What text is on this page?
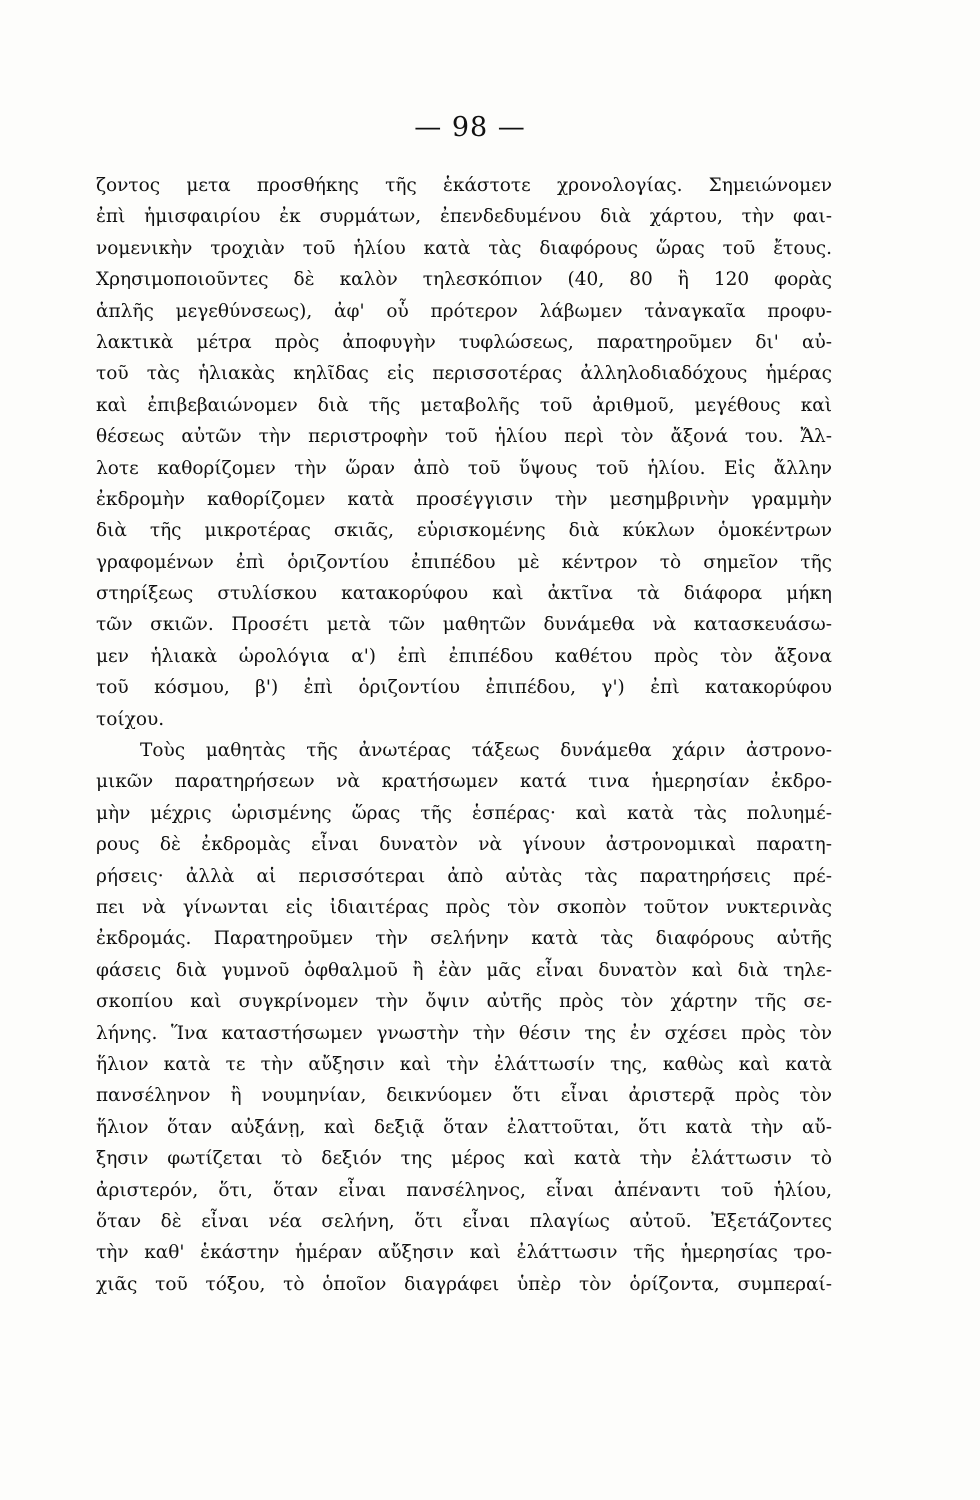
— 98 —
ζοντος μετα προσθήκης τῆς ἑκάστοτε χρονολογίας. Σημειώνομεν
ἐπὶ ἡμισφαιρίου ἐκ συρμάτων, ἐπενδεδυμένου διὰ χάρτου, τὴν φαι-
νομενικὴν τροχιὰν τοῦ ἡλίου κατὰ τὰς διαφόρους ὥρας τοῦ ἔτους.
Χρησιμοποιοῦντες δὲ καλὸν τηλεσκόπιον (40, 80 ἢ 120 φορὰς
ἁπλῆς μεγεθύνσεως), ἀφ' οὗ πρότερον λάβωμεν τἀναγκαῖα προφυ-
λακτικὰ μέτρα πρὸς ἀποφυγὴν τυφλώσεως, παρατηροῦμεν δι' αὐ-
τοῦ τὰς ἡλιακὰς κηλῖδας εἰς περισσοτέρας ἀλληλοδιαδόχους ἡμέρας
καὶ ἐπιβεβαιώνομεν διὰ τῆς μεταβολῆς τοῦ ἀριθμοῦ, μεγέθους καὶ
θέσεως αὐτῶν τὴν περιστροφὴν τοῦ ἡλίου περὶ τὸν ἄξονά του. Ἄλ-
λοτε καθορίζομεν τὴν ὥραν ἀπὸ τοῦ ὕψους τοῦ ἡλίου. Εἰς ἄλλην
ἐκδρομὴν καθορίζομεν κατὰ προσέγγισιν τὴν μεσημβρινὴν γραμμὴν
διὰ τῆς μικροτέρας σκιᾶς, εὑρισκομένης διὰ κύκλων ὁμοκέντρων
γραφομένων ἐπὶ ὁριζοντίου ἐπιπέδου μὲ κέντρον τὸ σημεῖον τῆς
στηρίξεως στυλίσκου κατακορύφου καὶ ἀκτῖνα τὰ διάφορα μήκη
τῶν σκιῶν. Προσέτι μετὰ τῶν μαθητῶν δυνάμεθα νὰ κατασκευάσω-
μεν ἡλιακὰ ὡρολόγια α') ἐπὶ ἐπιπέδου καθέτου πρὸς τὸν ἄξονα
τοῦ κόσμου, β') ἐπὶ ὁριζοντίου ἐπιπέδου, γ') ἐπὶ κατακορύφου
τοίχου.
Τοὺς μαθητὰς τῆς ἀνωτέρας τάξεως δυνάμεθα χάριν ἀστρονο-
μικῶν παρατηρήσεων νὰ κρατήσωμεν κατά τινα ἡμερησίαν ἐκδρο-
μὴν μέχρις ὡρισμένης ὥρας τῆς ἑσπέρας· καὶ κατὰ τὰς πολυημέ-
ρους δὲ ἐκδρομὰς εἶναι δυνατὸν νὰ γίνουν ἀστρονομικαὶ παρατη-
ρήσεις· ἀλλὰ αἱ περισσότεραι ἀπὸ αὐτὰς τὰς παρατηρήσεις πρέ-
πει νὰ γίνωνται εἰς ἰδιαιτέρας πρὸς τὸν σκοπὸν τοῦτον νυκτερινὰς
ἐκδρομάς. Παρατηροῦμεν τὴν σελήνην κατὰ τὰς διαφόρους αὐτῆς
φάσεις διὰ γυμνοῦ ὀφθαλμοῦ ἢ ἐὰν μᾶς εἶναι δυνατὸν καὶ διὰ τηλε-
σκοπίου καὶ συγκρίνομεν τὴν ὄψιν αὐτῆς πρὸς τὸν χάρτην τῆς σε-
λήνης. Ἵνα καταστήσωμεν γνωστὴν τὴν θέσιν της ἐν σχέσει πρὸς τὸν
ἥλιον κατὰ τε τὴν αὔξησιν καὶ τὴν ἐλάττωσίν της, καθὼς καὶ κατὰ
πανσέληνον ἢ νουμηνίαν, δεικνύομεν ὅτι εἶναι ἀριστερᾷ πρὸς τὸν
ἥλιον ὅταν αὐξάνῃ, καὶ δεξιᾷ ὅταν ἐλαττοῦται, ὅτι κατὰ τὴν αὔ-
ξησιν φωτίζεται τὸ δεξιόν της μέρος καὶ κατὰ τὴν ἐλάττωσιν τὸ
ἀριστερόν, ὅτι, ὅταν εἶναι πανσέληνος, εἶναι ἀπέναντι τοῦ ἡλίου,
ὅταν δὲ εἶναι νέα σελήνη, ὅτι εἶναι πλαγίως αὐτοῦ. Ἐξετάζοντες
τὴν καθ' ἑκάστην ἡμέραν αὔξησιν καὶ ἐλάττωσιν τῆς ἡμερησίας τρο-
χιᾶς τοῦ τόξου, τὸ ὁποῖον διαγράφει ὑπὲρ τὸν ὁρίζοντα, συμπεραί-
